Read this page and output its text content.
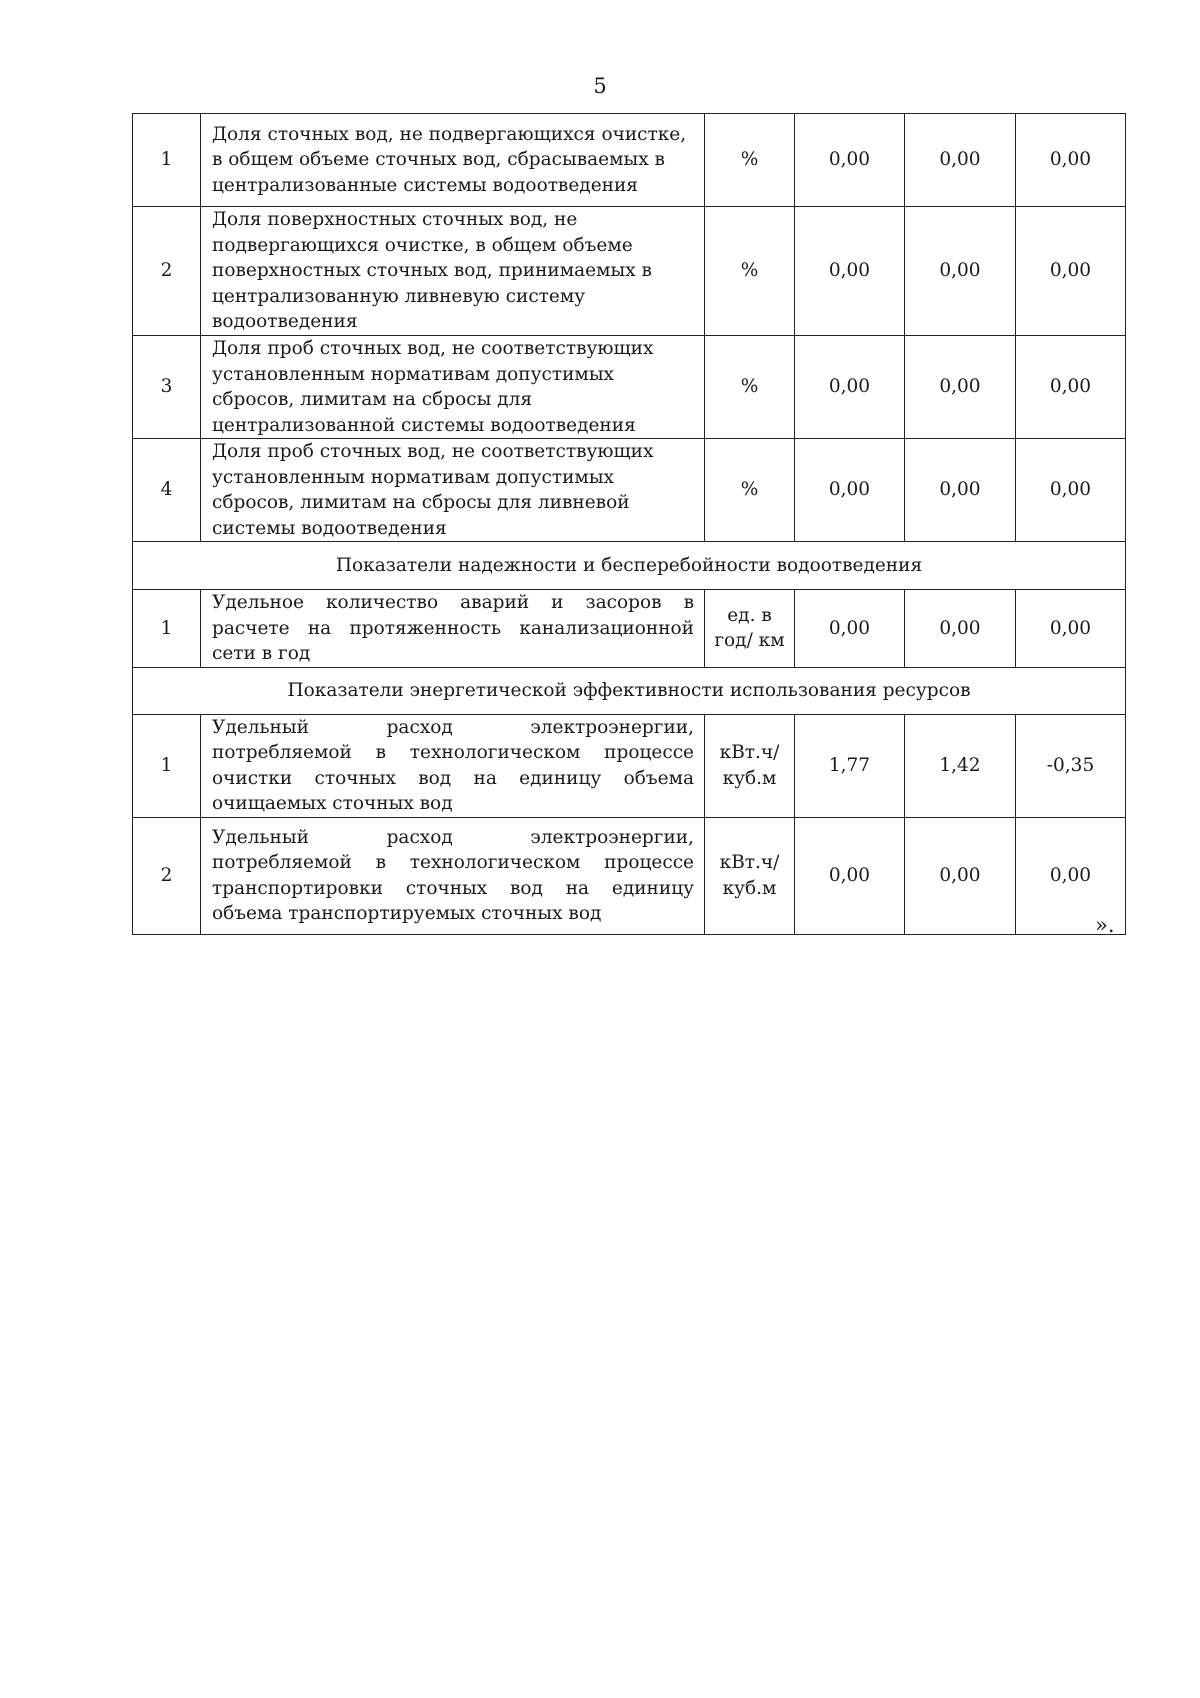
5
1	Доля сточных вод, не подвергающихся очистке, в общем объеме сточных вод, сбрасываемых в централизованные системы водоотведения	%	0,00	0,00	0,00
2	Доля поверхностных сточных вод, не подвергающихся очистке, в общем объеме поверхностных сточных вод, принимаемых в централизованную ливневую систему водоотведения	%	0,00	0,00	0,00
3	Доля проб сточных вод, не соответствующих установленным нормативам допустимых сбросов, лимитам на сбросы для централизованной системы водоотведения	%	0,00	0,00	0,00
4	Доля проб сточных вод, не соответствующих установленным нормативам допустимых сбросов, лимитам на сбросы для ливневой системы водоотведения	%	0,00	0,00	0,00
Показатели надежности и бесперебойности водоотведения					
1	Удельное количество аварий и засоров в расчете на протяженность канализационной сети в год	ед. в год/ км	0,00	0,00	0,00
Показатели энергетической эффективности использования ресурсов					
1	Удельный расход электроэнергии, потребляемой в технологическом процессе очистки сточных вод на единицу объема очищаемых сточных вод	кВт.ч/ куб.м	1,77	1,42	-0,35
2	Удельный расход электроэнергии, потребляемой в технологическом процессе транспортировки сточных вод на единицу объема транспортируемых сточных вод	кВт.ч/ куб.м	0,00	0,00	0,00
».
